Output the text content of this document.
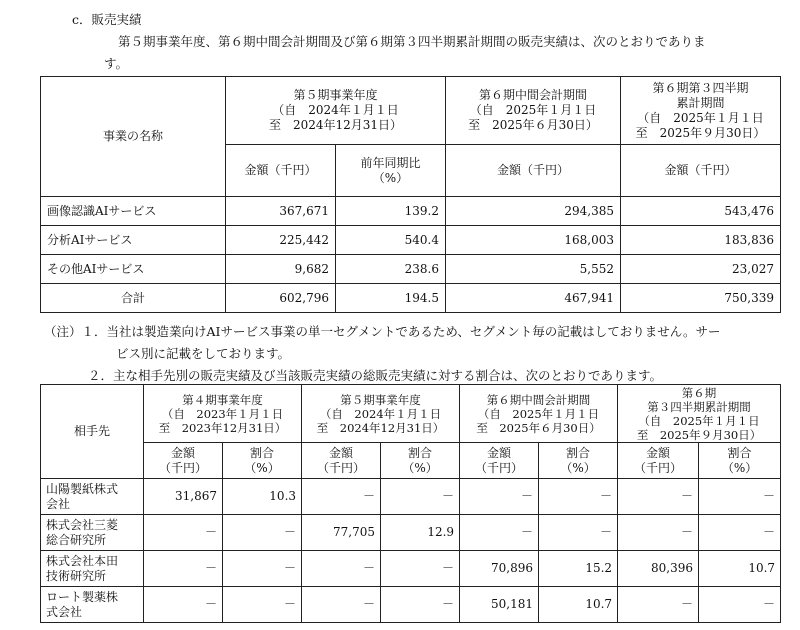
c．販売実績
第５期事業年度、第６期中間会計期間及び第６期第３四半期累計期間の販売実績は、次のとおりでありま
す。
事業の名称	第５期事業年度
（自　2024年１月１日
至　2024年12月31日）		第６期中間会計期間
（自　2025年１月１日
至　2025年６月30日）	第６期第３四半期
累計期間
（自　2025年１月１日
至　2025年９月30日）

	金額（千円）	前年同期比
（%）	金額（千円）	金額（千円）
画像認識AIサービス	367,671	139.2	294,385	543,476
分析AIサービス	225,442	540.4	168,003	183,836
その他AIサービス	9,682	238.6	5,552	23,027
合計	602,796	194.5	467,941	750,339
（注）１．当社は製造業向けAIサービス事業の単一セグメントであるため、セグメント毎の記載はしておりません。サー
ビス別に記載をしております。
２．主な相手先別の販売実績及び当該販売実績の総販売実績に対する割合は、次のとおりであります。
相手先	第４期事業年度
（自　2023年１月１日
至　2023年12月31日）		第５期事業年度
（自　2024年１月１日
至　2024年12月31日）		第６期中間会計期間
（自　2025年１月１日
至　2025年６月30日）		第６期
第３四半期累計期間
（自　2025年１月１日
至　2025年９月30日）	

	金額
（千円）	割合
（%）	金額
（千円）	割合
（%）	金額
（千円）	割合
（%）	金額
（千円）	割合
（%）

山陽製紙株式
会社	31,867	10.3	－	－	－	－	－	－

株式会社三菱
総合研究所	－	－	77,705	12.9	－	－	－	－

株式会社本田
技術研究所	－	－	－	－	70,896	15.2	80,396	10.7

ロート製薬株
式会社	－	－	－	－	50,181	10.7	－	－
